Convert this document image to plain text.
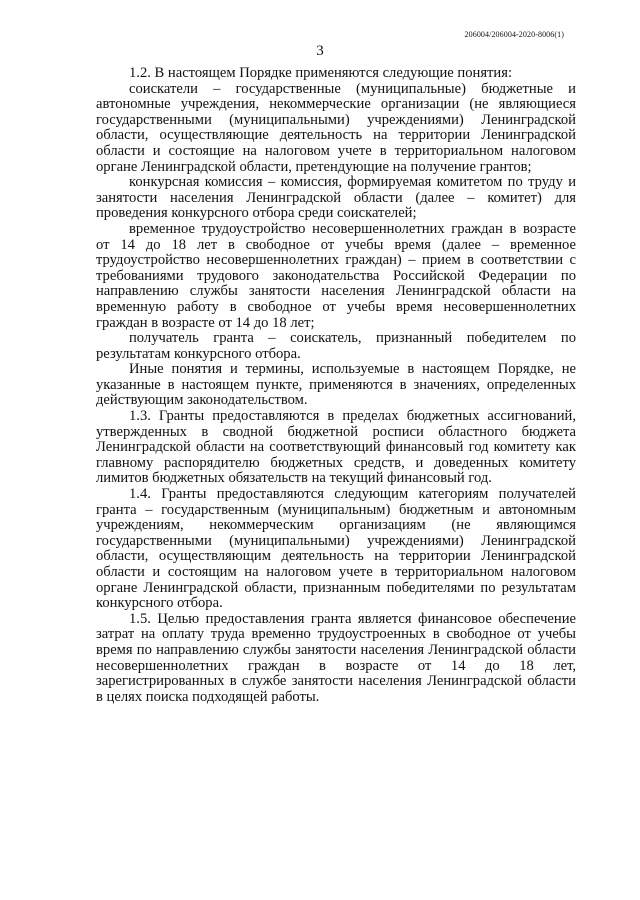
206004/206004-2020-8006(1)
3

1.2. В настоящем Порядке применяются следующие понятия:

соискатели – государственные (муниципальные) бюджетные и автономные учреждения, некоммерческие организации (не являющиеся государственными (муниципальными) учреждениями) Ленинградской области, осуществляющие деятельность на территории Ленинградской области и состоящие на налоговом учете в территориальном налоговом органе Ленинградской области, претендующие на получение грантов;

конкурсная комиссия – комиссия, формируемая комитетом по труду и занятости населения Ленинградской области (далее – комитет) для проведения конкурсного отбора среди соискателей;

временное трудоустройство несовершеннолетних граждан в возрасте от 14 до 18 лет в свободное от учебы время (далее – временное трудоустройство несовершеннолетних граждан) – прием в соответствии с требованиями трудового законодательства Российской Федерации по направлению службы занятости населения Ленинградской области на временную работу в свободное от учебы время несовершеннолетних граждан в возрасте от 14 до 18 лет;

получатель гранта – соискатель, признанный победителем по результатам конкурсного отбора.

Иные понятия и термины, используемые в настоящем Порядке, не указанные в настоящем пункте, применяются в значениях, определенных действующим законодательством.

1.3. Гранты предоставляются в пределах бюджетных ассигнований, утвержденных в сводной бюджетной росписи областного бюджета Ленинградской области на соответствующий финансовый год комитету как главному распорядителю бюджетных средств, и доведенных комитету лимитов бюджетных обязательств на текущий финансовый год.

1.4. Гранты предоставляются следующим категориям получателей гранта – государственным (муниципальным) бюджетным и автономным учреждениям, некоммерческим организациям (не являющимся государственными (муниципальными) учреждениями) Ленинградской области, осуществляющим деятельность на территории Ленинградской области и состоящим на налоговом учете в территориальном налоговом органе Ленинградской области, признанным победителями по результатам конкурсного отбора.

1.5. Целью предоставления гранта является финансовое обеспечение затрат на оплату труда временно трудоустроенных в свободное от учебы время по направлению службы занятости населения Ленинградской области несовершеннолетних граждан в возрасте от 14 до 18 лет, зарегистрированных в службе занятости населения Ленинградской области в целях поиска подходящей работы.
